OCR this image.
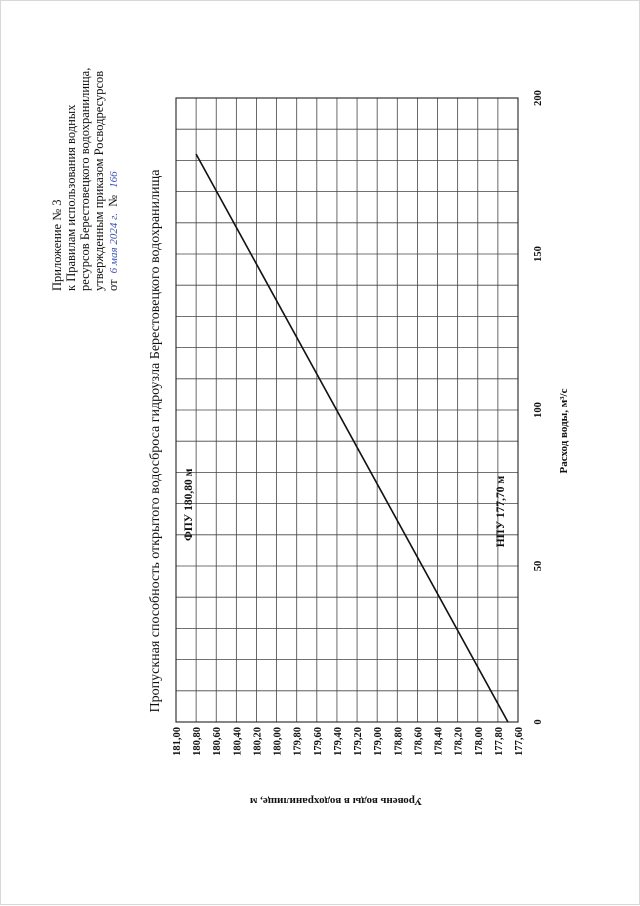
Приложение № 3 к Правилам использования водных ресурсов Берестовецкого водохранилища, утвержденным приказом Росводресурсов от 6 мая 2024 г. № 166 Пропускная способность открытого водосброса гидроузла Берестовецкого водохранилища ФПУ 180,80 м	НПУ 177,70 м
0
50
100
150
200
181,00 180,80 180,60 180,40 180,20 180,00 179,80 179,60 179,40 179,20 179,00 178,80 178,60 178,40 178,20 178,00 177,80 177,60
Расход воды, м³/с
Уровень воды в водохранилище, м
